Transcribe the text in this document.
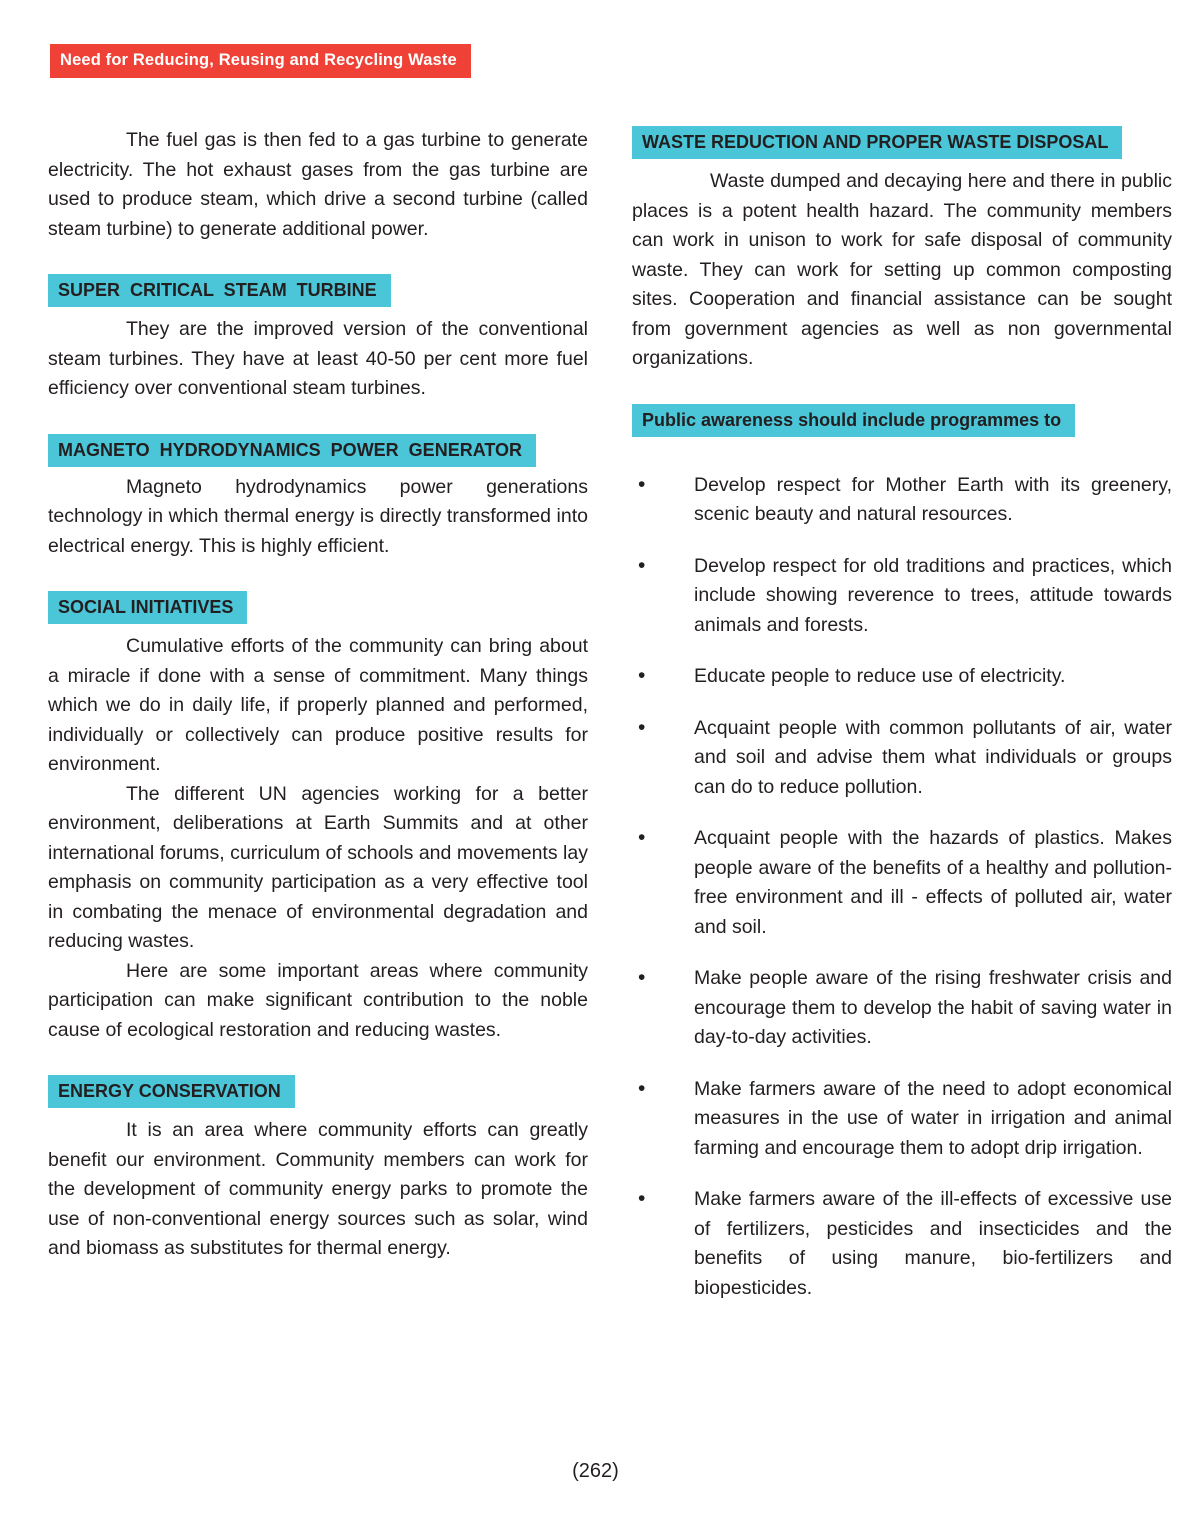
Need for Reducing, Reusing and Recycling Waste

The fuel gas is then fed to a gas turbine to generate electricity. The hot exhaust gases from the gas turbine are used to produce steam, which drive a second turbine (called steam turbine) to generate additional power.

SUPER  CRITICAL  STEAM  TURBINE

They are the improved version of the conventional steam turbines. They have at least 40-50 per cent more fuel efficiency over conventional steam turbines.

MAGNETO  HYDRODYNAMICS  POWER  GENERATOR

Magneto hydrodynamics power generations technology in which thermal energy is directly transformed into electrical energy. This is highly efficient.

SOCIAL INITIATIVES

Cumulative efforts of the community can bring about a miracle if done with a sense of commitment. Many things which we do in daily life, if properly planned and performed, individually or collectively can produce positive results for environment.

The different UN agencies working for a better environment, deliberations at Earth Summits and at other international forums, curriculum of schools and movements lay emphasis on community participation as a very effective tool in combating the menace of environmental degradation and reducing wastes.

Here are some important areas where community participation can make significant contribution to the noble cause of ecological restoration and reducing wastes.

ENERGY CONSERVATION

It is an area where community efforts can greatly benefit our environment. Community members can work for the development of community energy parks to promote the use of non-conventional energy sources such as solar, wind and biomass as substitutes for thermal energy.

WASTE REDUCTION AND PROPER WASTE DISPOSAL

Waste dumped and decaying here and there in public places is a potent health hazard. The community members can work in unison to work for safe disposal of community waste. They can work for setting up common composting sites. Cooperation and financial assistance can be sought from government agencies as well as non governmental organizations.

Public awareness should include programmes to
• Develop respect for Mother Earth with its greenery, scenic beauty and natural resources.
• Develop respect for old traditions and practices, which include showing reverence to trees, attitude towards animals and forests.
• Educate people to reduce use of electricity.
• Acquaint people with common pollutants of air, water and soil and advise them what individuals or groups can do to reduce pollution.
• Acquaint people with the hazards of plastics. Makes people aware of the benefits of a healthy and pollution-free environment and ill - effects of polluted air, water and soil.
• Make people aware of the rising freshwater crisis and encourage them to develop the habit of saving water in day-to-day activities.
• Make farmers aware of the need to adopt economical measures in the use of water in irrigation and animal farming and encourage them to adopt drip irrigation.
• Make farmers aware of the ill-effects of excessive use of fertilizers, pesticides and insecticides and the benefits of using manure, bio-fertilizers and biopesticides.
(262)
